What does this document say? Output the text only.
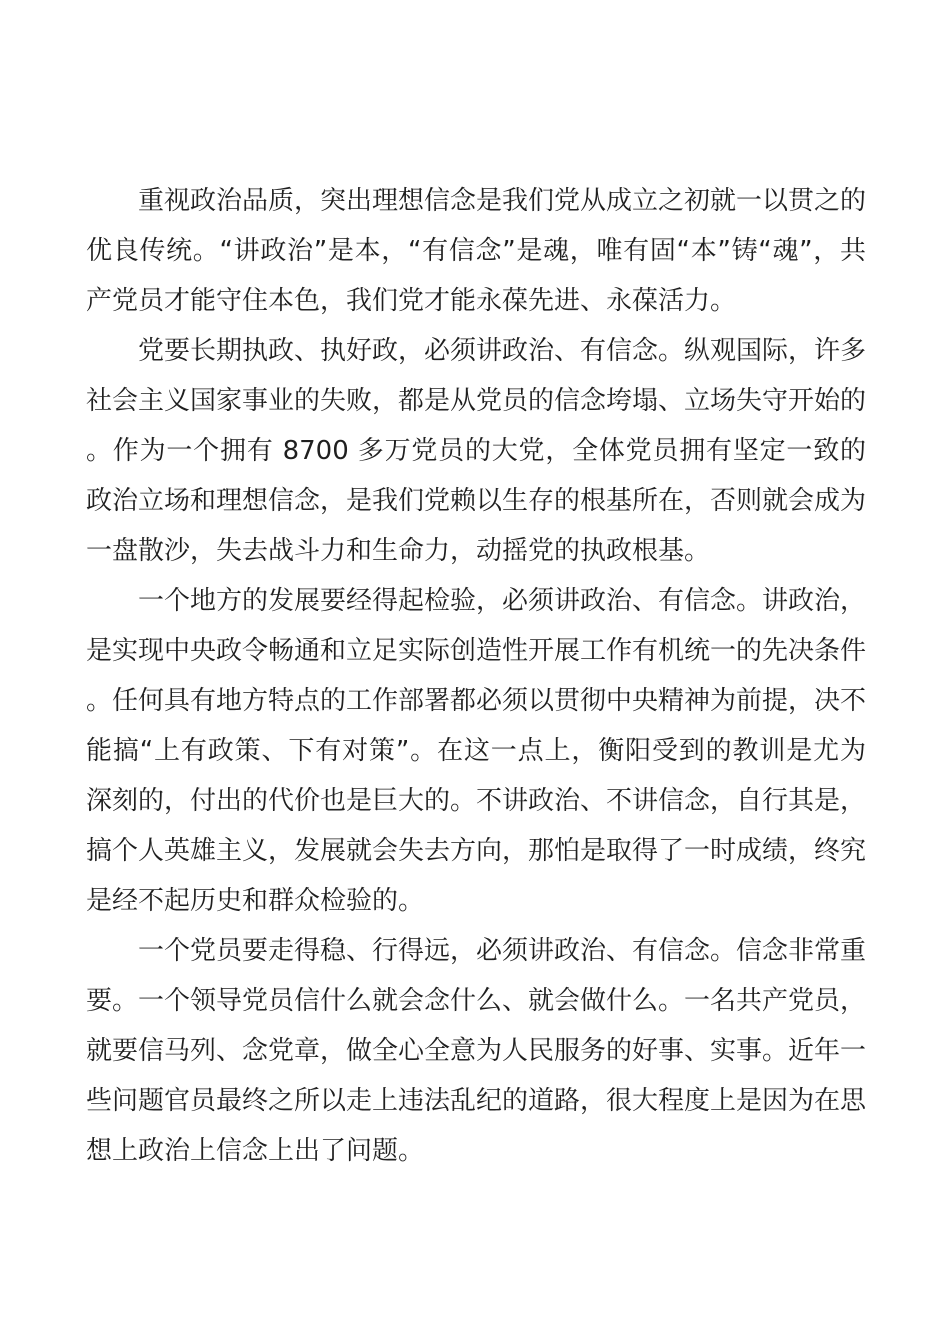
重视政治品质，突出理想信念是我们党从成立之初就一以贯之的优良传统。“讲政治”是本，“有信念”是魂，唯有固“本”铸“魂”，共产党员才能守住本色，我们党才能永葆先进、永葆活力。

党要长期执政、执好政，必须讲政治、有信念。纵观国际，许多社会主义国家事业的失败，都是从党员的信念垮塌、立场失守开始的。作为一个拥有 8700 多万党员的大党，全体党员拥有坚定一致的政治立场和理想信念，是我们党赖以生存的根基所在，否则就会成为一盘散沙，失去战斗力和生命力，动摇党的执政根基。

一个地方的发展要经得起检验，必须讲政治、有信念。讲政治，是实现中央政令畅通和立足实际创造性开展工作有机统一的先决条件。任何具有地方特点的工作部署都必须以贯彻中央精神为前提，决不能搞“上有政策、下有对策”。在这一点上，衡阳受到的教训是尤为深刻的，付出的代价也是巨大的。不讲政治、不讲信念，自行其是，搞个人英雄主义，发展就会失去方向，那怕是取得了一时成绩，终究是经不起历史和群众检验的。

一个党员要走得稳、行得远，必须讲政治、有信念。信念非常重要。一个领导党员信什么就会念什么、就会做什么。一名共产党员，就要信马列、念党章，做全心全意为人民服务的好事、实事。近年一些问题官员最终之所以走上违法乱纪的道路，很大程度上是因为在思想上政治上信念上出了问题。
